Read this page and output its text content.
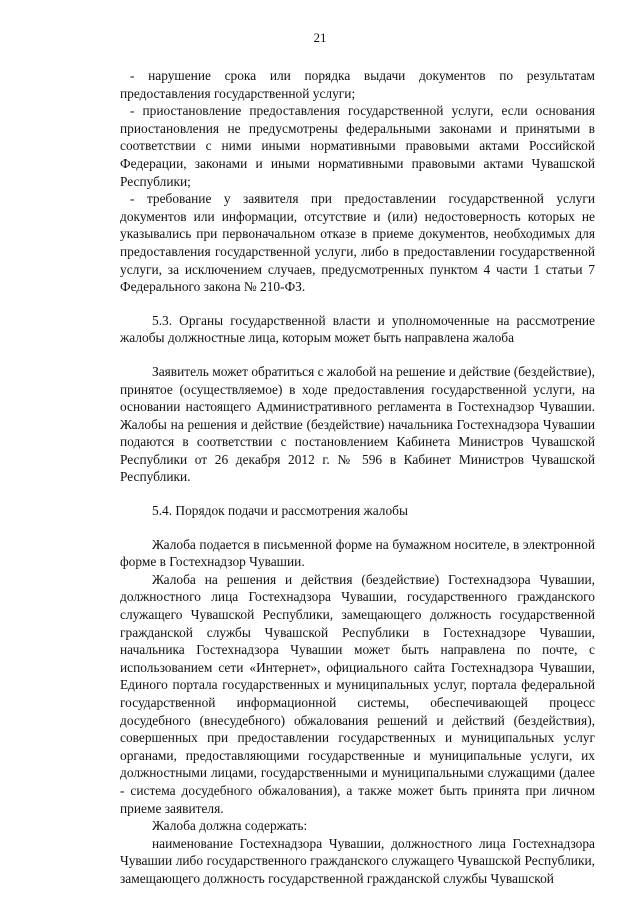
21

- нарушение срока или порядка выдачи документов по результатам предоставления государственной услуги;

- приостановление предоставления государственной услуги, если основания приостановления не предусмотрены федеральными законами и принятыми в соответствии с ними иными нормативными правовыми актами Российской Федерации, законами и иными нормативными правовыми актами Чувашской Республики;

- требование у заявителя при предоставлении государственной услуги документов или информации, отсутствие и (или) недостоверность которых не указывались при первоначальном отказе в приеме документов, необходимых для предоставления государственной услуги, либо в предоставлении государственной услуги, за исключением случаев, предусмотренных пунктом 4 части 1 статьи 7 Федерального закона № 210-ФЗ.

5.3. Органы государственной власти и уполномоченные на рассмотрение жалобы должностные лица, которым может быть направлена жалоба

Заявитель может обратиться с жалобой на решение и действие (бездействие), принятое (осуществляемое) в ходе предоставления государственной услуги, на основании настоящего Административного регламента в Гостехнадзор Чувашии. Жалобы на решения и действие (бездействие) начальника Гостехнадзора Чувашии подаются в соответствии с постановлением Кабинета Министров Чувашской Республики от 26 декабря 2012 г. № 596 в Кабинет Министров Чувашской Республики.

5.4. Порядок подачи и рассмотрения жалобы

Жалоба подается в письменной форме на бумажном носителе, в электронной форме в Гостехнадзор Чувашии.

Жалоба на решения и действия (бездействие) Гостехнадзора Чувашии, должностного лица Гостехнадзора Чувашии, государственного гражданского служащего Чувашской Республики, замещающего должность государственной гражданской службы Чувашской Республики в Гостехнадзоре Чувашии, начальника Гостехнадзора Чувашии может быть направлена по почте, с использованием сети «Интернет», официального сайта Гостехнадзора Чувашии, Единого портала государственных и муниципальных услуг, портала федеральной государственной информационной системы, обеспечивающей процесс досудебного (внесудебного) обжалования решений и действий (бездействия), совершенных при предоставлении государственных и муниципальных услуг органами, предоставляющими государственные и муниципальные услуги, их должностными лицами, государственными и муниципальными служащими (далее - система досудебного обжалования), а также может быть принята при личном приеме заявителя.

Жалоба должна содержать:

наименование Гостехнадзора Чувашии, должностного лица Гостехнадзора Чувашии либо государственного гражданского служащего Чувашской Республики, замещающего должность государственной гражданской службы Чувашской
